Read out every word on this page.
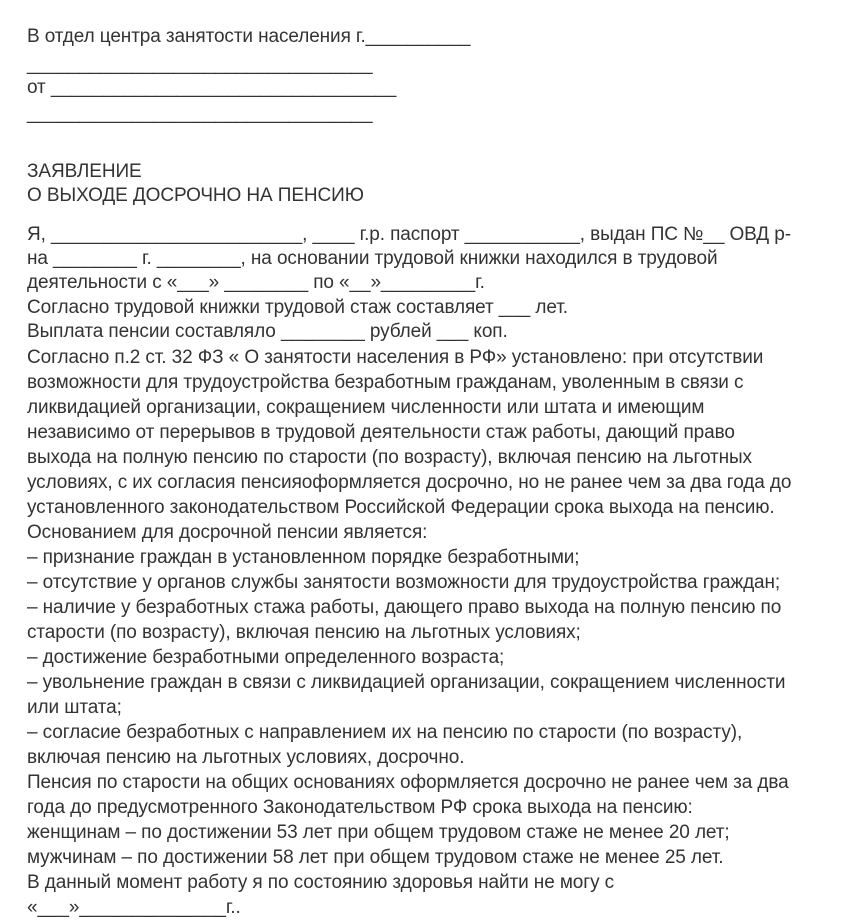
В отдел центра занятости населения г.__________
_________________________________
от _________________________________
_________________________________
ЗАЯВЛЕНИЕ
О ВЫХОДЕ ДОСРОЧНО НА ПЕНСИЮ
Я, ________________________, ____ г.р. паспорт ___________, выдан ПС №__ ОВД р-
на ________ г. ________, на основании трудовой книжки находился в трудовой
деятельности с «___» ________ по «__»_________г.
Согласно трудовой книжки трудовой стаж составляет ___ лет.
Выплата пенсии составляло ________ рублей ___ коп.
Согласно п.2 ст. 32 ФЗ « О занятости населения в РФ» установлено: при отсутствии
возможности для трудоустройства безработным гражданам, уволенным в связи с
ликвидацией организации, сокращением численности или штата и имеющим
независимо от перерывов в трудовой деятельности стаж работы, дающий право
выхода на полную пенсию по старости (по возрасту), включая пенсию на льготных
условиях, с их согласия пенсияоформляется досрочно, но не ранее чем за два года до
установленного законодательством Российской Федерации срока выхода на пенсию.
Основанием для досрочной пенсии является:
– признание граждан в установленном порядке безработными;
– отсутствие у органов службы занятости возможности для трудоустройства граждан;
– наличие у безработных стажа работы, дающего право выхода на полную пенсию по
старости (по возрасту), включая пенсию на льготных условиях;
– достижение безработными определенного возраста;
– увольнение граждан в связи с ликвидацией организации, сокращением численности
или штата;
– согласие безработных с направлением их на пенсию по старости (по возрасту),
включая пенсию на льготных условиях, досрочно.
Пенсия по старости на общих основаниях оформляется досрочно не ранее чем за два
года до предусмотренного Законодательством РФ срока выхода на пенсию:
женщинам – по достижении 53 лет при общем трудовом стаже не менее 20 лет;
мужчинам – по достижении 58 лет при общем трудовом стаже не менее 25 лет.
В данный момент работу я по состоянию здоровья найти не могу с
«___»______________г..
